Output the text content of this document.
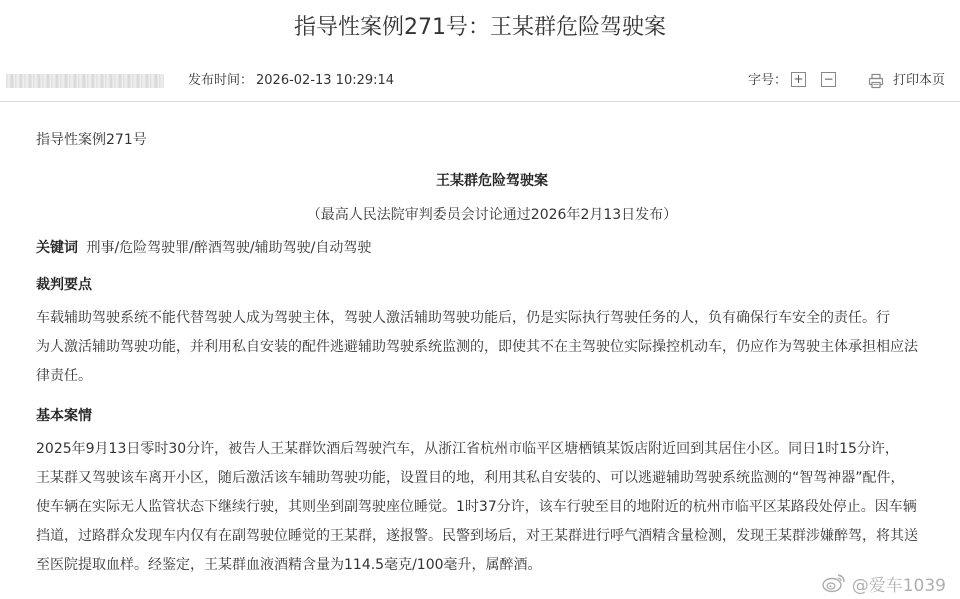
指导性案例271号：王某群危险驾驶案
发布时间： 2026-02-13 10:29:14	字号： + −	打印本页

指导性案例271号

王某群危险驾驶案

（最高人民法院审判委员会讨论通过2026年2月13日发布）

关键词 刑事/危险驾驶罪/醉酒驾驶/辅助驾驶/自动驾驶

裁判要点

车载辅助驾驶系统不能代替驾驶人成为驾驶主体，驾驶人激活辅助驾驶功能后，仍是实际执行驾驶任务的人，负有确保行车安全的责任。行
为人激活辅助驾驶功能，并利用私自安装的配件逃避辅助驾驶系统监测的，即使其不在主驾驶位实际操控机动车，仍应作为驾驶主体承担相应法
律责任。

基本案情

2025年9月13日零时30分许，被告人王某群饮酒后驾驶汽车，从浙江省杭州市临平区塘栖镇某饭店附近回到其居住小区。同日1时15分许，
王某群又驾驶该车离开小区，随后激活该车辅助驾驶功能，设置目的地，利用其私自安装的、可以逃避辅助驾驶系统监测的“智驾神器”配件，
使车辆在实际无人监管状态下继续行驶，其则坐到副驾驶座位睡觉。1时37分许，该车行驶至目的地附近的杭州市临平区某路段处停止。因车辆
挡道，过路群众发现车内仅有在副驾驶位睡觉的王某群，遂报警。民警到场后，对王某群进行呼气酒精含量检测，发现王某群涉嫌醉驾，将其送
至医院提取血样。经鉴定，王某群血液酒精含量为114.5毫克/100毫升，属醉酒。
@爱车1039
